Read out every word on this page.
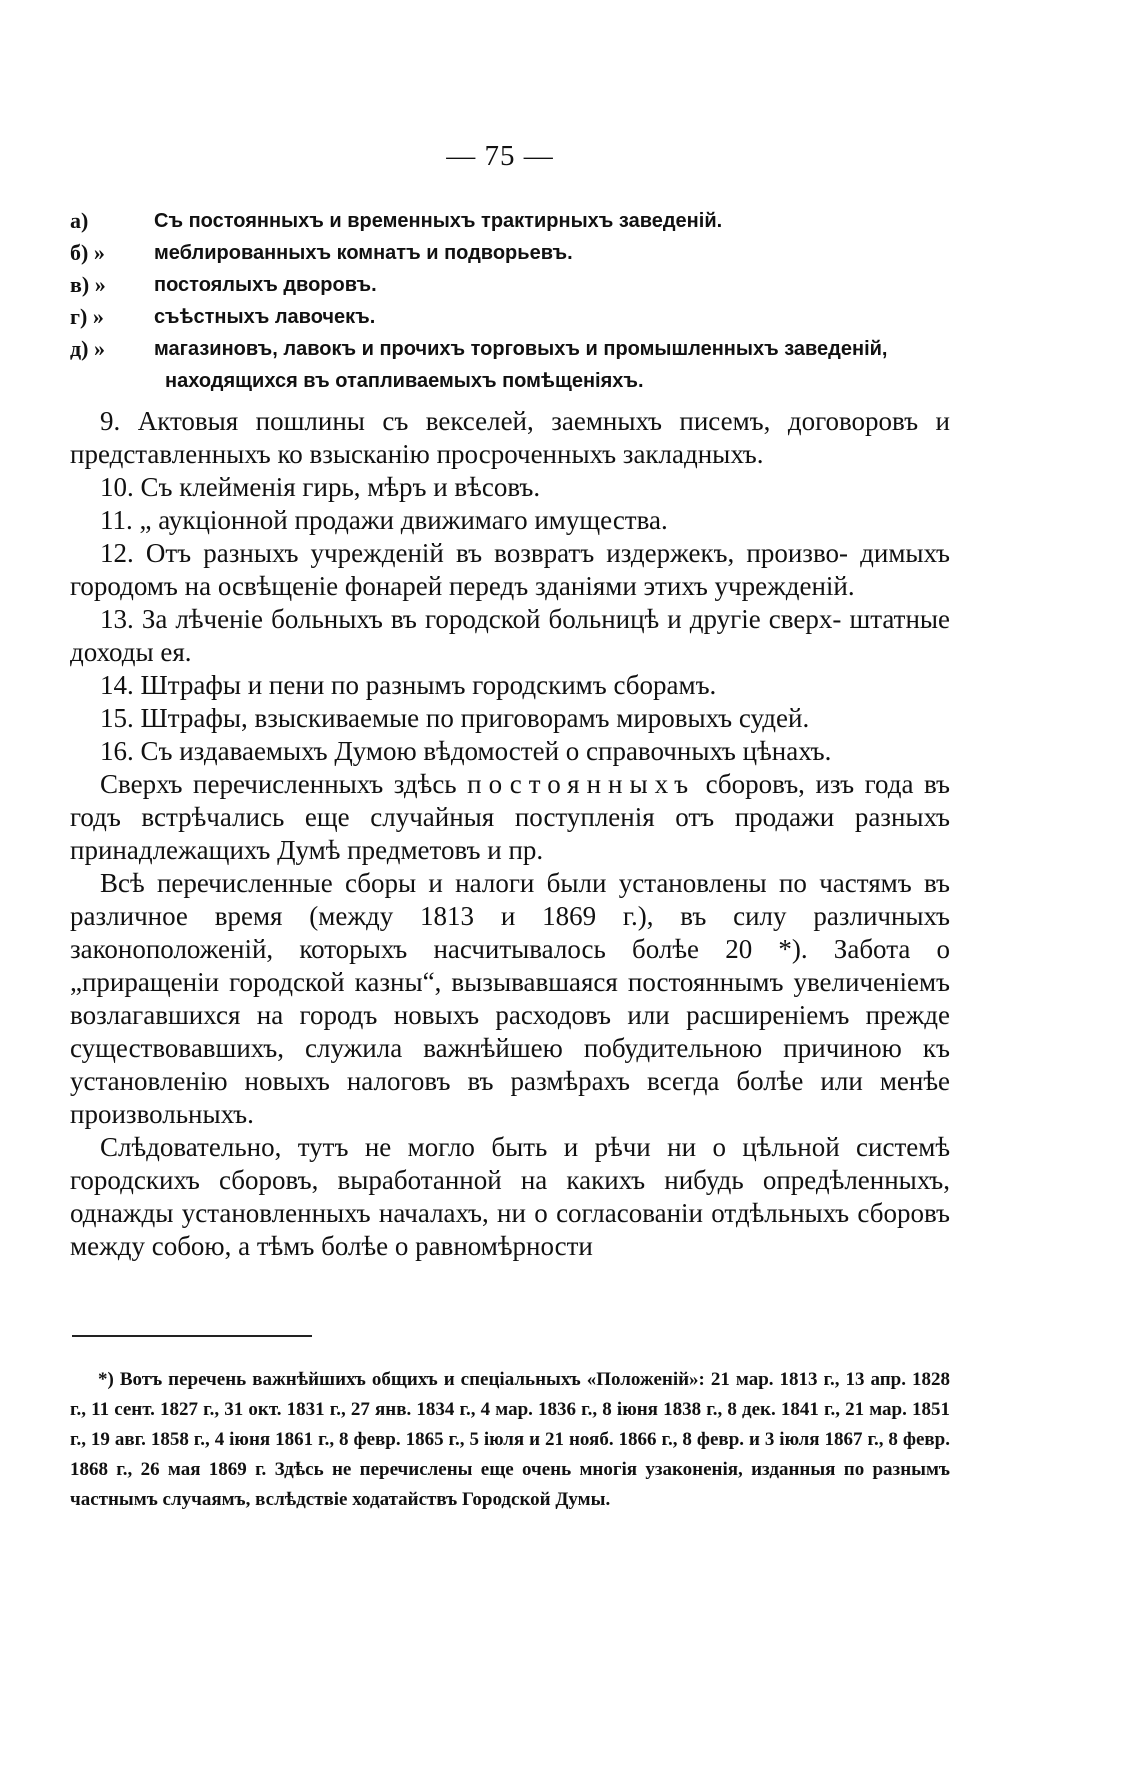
— 75 —
а)	Съ постоянныхъ и временныхъ трактирныхъ заведеній.
б) »	меблированныхъ комнатъ и подворьевъ.
в) »	постоялыхъ дворовъ.
г) »	съѣстныхъ лавочекъ.
д) »	магазиновъ, лавокъ и прочихъ торговыхъ и промышленныхъ заведеній,
находящихся въ отапливаемыхъ помѣщеніяхъ.

9. Актовыя пошлины съ векселей, заемныхъ писемъ, договоровъ и представленныхъ ко взысканію просроченныхъ закладныхъ.

10. Съ клейменія гирь, мѣръ и вѣсовъ.

11. „ аукціонной продажи движимаго имущества.

12. Отъ разныхъ учрежденій въ возвратъ издержекъ, произво- димыхъ городомъ на освѣщеніе фонарей передъ зданіями этихъ учрежденій.

13. За лѣченіе больныхъ въ городской больницѣ и другіе сверх- штатные доходы ея.

14. Штрафы и пени по разнымъ городскимъ сборамъ.

15. Штрафы, взыскиваемые по приговорамъ мировыхъ судей.

16. Съ издаваемыхъ Думою вѣдомостей о справочныхъ цѣнахъ.

Сверхъ перечисленныхъ здѣсь постоянныхъ сборовъ, изъ года въ годъ встрѣчались еще случайныя поступленія отъ продажи разныхъ принадлежащихъ Думѣ предметовъ и пр.

Всѣ перечисленные сборы и налоги были установлены по частямъ въ различное время (между 1813 и 1869 г.), въ силу различныхъ законоположеній, которыхъ насчитывалось болѣе 20 *). Забота о „приращеніи городской казны“, вызывавшаяся постояннымъ увеличеніемъ возлагавшихся на городъ новыхъ расходовъ или расширеніемъ прежде существовавшихъ, служила важнѣйшею побудительною причиною къ установленію новыхъ налоговъ въ размѣрахъ всегда болѣе или менѣе произвольныхъ.

Слѣдовательно, тутъ не могло быть и рѣчи ни о цѣльной системѣ городскихъ сборовъ, выработанной на какихъ нибудь опредѣленныхъ, однажды установленныхъ началахъ, ни о согласованіи отдѣльныхъ сборовъ между собою, а тѣмъ болѣе о равномѣрности

*) Вотъ перечень важнѣйшихъ общихъ и спеціальныхъ «Положеній»: 21 мар. 1813 г., 13 апр. 1828 г., 11 сент. 1827 г., 31 окт. 1831 г., 27 янв. 1834 г., 4 мар. 1836 г., 8 іюня 1838 г., 8 дек. 1841 г., 21 мар. 1851 г., 19 авг. 1858 г., 4 іюня 1861 г., 8 февр. 1865 г., 5 іюля и 21 нояб. 1866 г., 8 февр. и 3 іюля 1867 г., 8 февр. 1868 г., 26 мая 1869 г. Здѣсь не перечислены еще очень многія узаконенія, изданныя по разнымъ частнымъ случаямъ, вслѣдствіе ходатайствъ Городской Думы.
